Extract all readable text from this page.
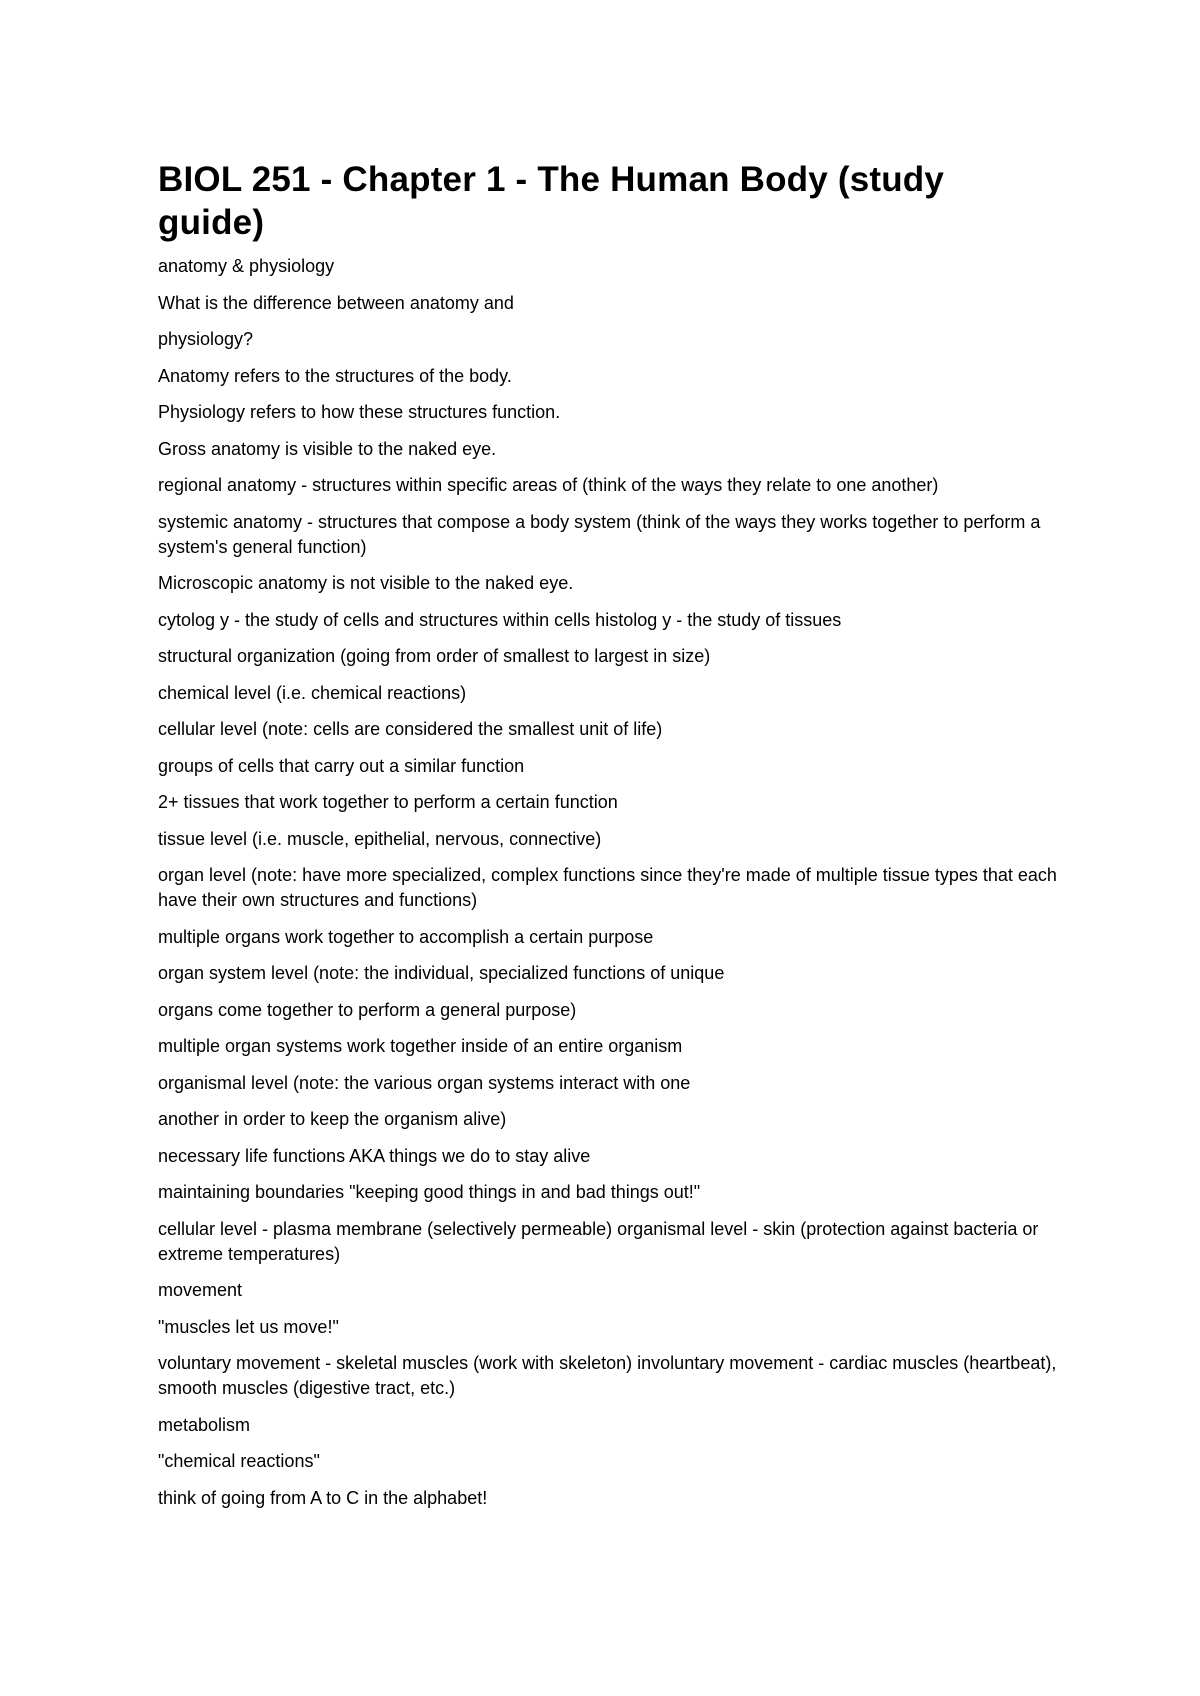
BIOL 251 - Chapter 1 - The Human Body (study guide)

anatomy & physiology

What is the difference between anatomy and

physiology?

Anatomy refers to the structures of the body.

Physiology refers to how these structures function.

Gross anatomy is visible to the naked eye.

regional anatomy - structures within specific areas of (think of the ways they relate to one another)

systemic anatomy - structures that compose a body system (think of the ways they works together to perform a system's general function)

Microscopic anatomy is not visible to the naked eye.

cytolog y - the study of cells and structures within cells histolog y - the study of tissues

structural organization (going from order of smallest to largest in size)

chemical level (i.e. chemical reactions)

cellular level (note: cells are considered the smallest unit of life)

groups of cells that carry out a similar function

2+ tissues that work together to perform a certain function

tissue level (i.e. muscle, epithelial, nervous, connective)

organ level (note: have more specialized, complex functions since they're made of multiple tissue types that each have their own structures and functions)

multiple organs work together to accomplish a certain purpose

organ system level (note: the individual, specialized functions of unique

organs come together to perform a general purpose)

multiple organ systems work together inside of an entire organism

organismal level (note: the various organ systems interact with one

another in order to keep the organism alive)

necessary life functions AKA things we do to stay alive

maintaining boundaries "keeping good things in and bad things out!"

cellular level - plasma membrane (selectively permeable) organismal level - skin (protection against bacteria or extreme temperatures)

movement

"muscles let us move!"

voluntary movement - skeletal muscles (work with skeleton) involuntary movement - cardiac muscles (heartbeat), smooth muscles (digestive tract, etc.)

metabolism

"chemical reactions"

think of going from A to C in the alphabet!
